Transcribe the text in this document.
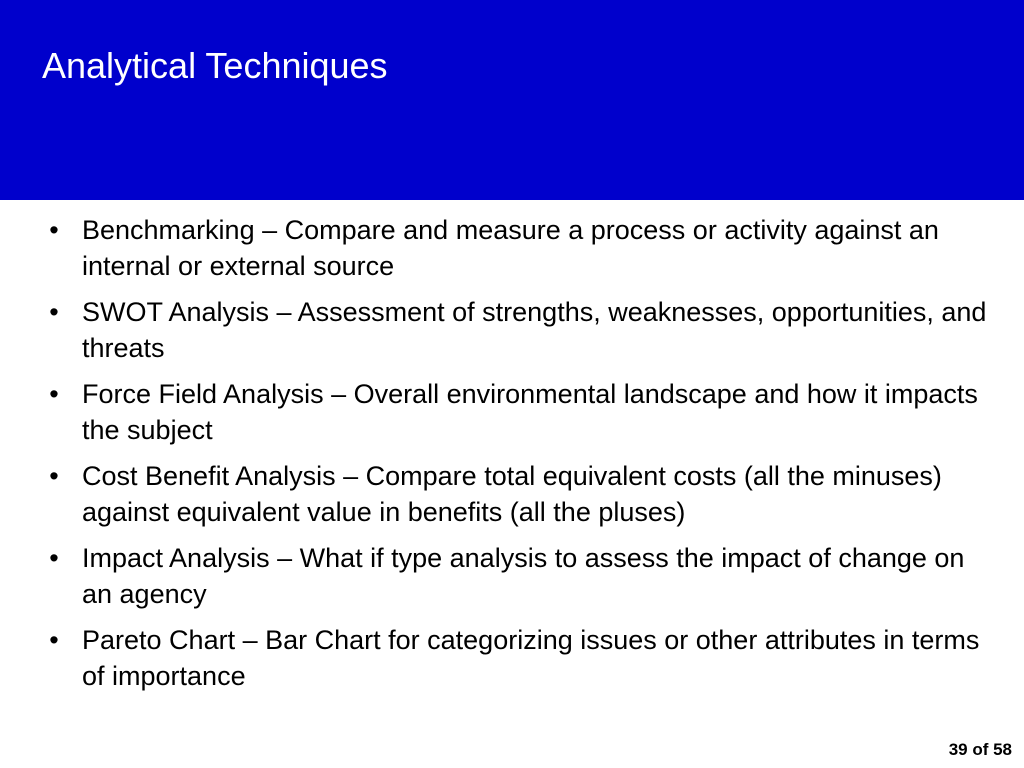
Analytical Techniques
• Benchmarking – Compare and measure a process or activity against an internal or external source
• SWOT Analysis – Assessment of strengths, weaknesses, opportunities, and threats
• Force Field Analysis – Overall environmental landscape and how it impacts the subject
• Cost Benefit Analysis – Compare total equivalent costs (all the minuses) against equivalent value in benefits (all the pluses)
• Impact Analysis – What if type analysis to assess the impact of change on an agency
• Pareto Chart – Bar Chart for categorizing issues or other attributes in terms of importance
39 of 58
